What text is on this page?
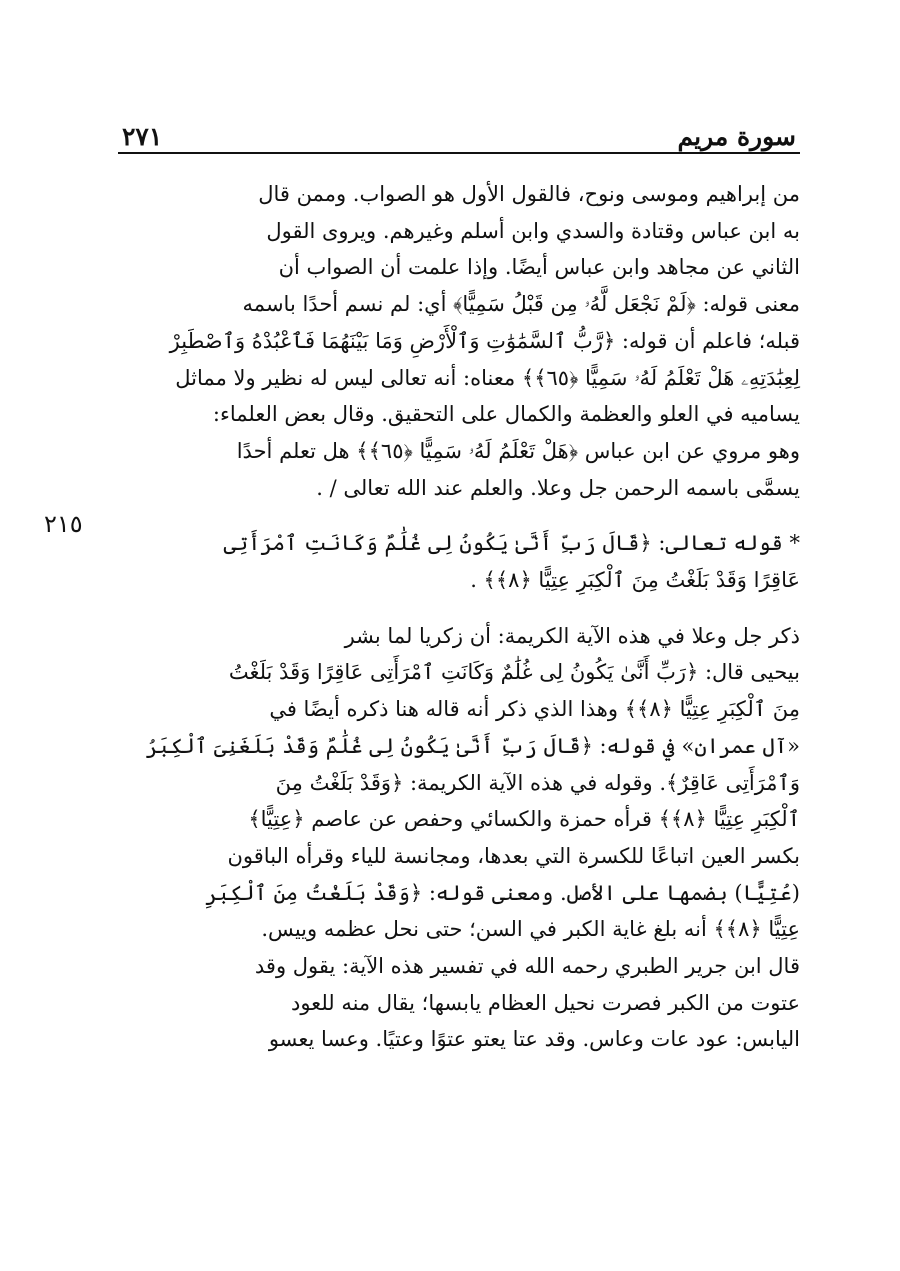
سورة مريم
٢٧١

من إبراهيم وموسى ونوح، فالقول الأول هو الصواب. وممن قال
به ابن عباس وقتادة والسدي وابن أسلم وغيرهم. ويروى القول
الثاني عن مجاهد وابن عباس أيضًا. وإذا علمت أن الصواب أن
معنى قوله: ﴿لَمْ نَجْعَل لَّهُۥ مِن قَبْلُ سَمِيًّا﴾ أي: لم نسم أحدًا باسمه
قبله؛ فاعلم أن قوله: ﴿رَّبُّ ٱلسَّمَٰوَٰتِ وَٱلْأَرْضِ وَمَا بَيْنَهُمَا فَٱعْبُدْهُ وَٱصْطَبِرْ
لِعِبَٰدَتِهِۦ هَلْ تَعْلَمُ لَهُۥ سَمِيًّا ﴿٦٥﴾﴾ معناه: أنه تعالى ليس له نظير ولا مماثل
يساميه في العلو والعظمة والكمال على التحقيق. وقال بعض العلماء:
وهو مروي عن ابن عباس ﴿هَلْ تَعْلَمُ لَهُۥ سَمِيًّا ﴿٦٥﴾﴾ هل تعلم أحدًا
يسمَّى باسمه الرحمن جل وعلا. والعلم عند الله تعالى / .

* قوله تعالى: ﴿قَالَ رَبِّ أَنَّىٰ يَكُونُ لِى غُلَٰمٌ وَكَانَتِ ٱمْرَأَتِى
عَاقِرًا وَقَدْ بَلَغْتُ مِنَ ٱلْكِبَرِ عِتِيًّا ﴿٨﴾﴾ .

ذكر جل وعلا في هذه الآية الكريمة: أن زكريا لما بشر
بيحيى قال: ﴿رَبِّ أَنَّىٰ يَكُونُ لِى غُلَٰمٌ وَكَانَتِ ٱمْرَأَتِى عَاقِرًا وَقَدْ بَلَغْتُ
مِنَ ٱلْكِبَرِ عِتِيًّا ﴿٨﴾﴾ وهذا الذي ذكر أنه قاله هنا ذكره أيضًا في
«آل عمران» في قوله: ﴿قَالَ رَبِّ أَنَّىٰ يَكُونُ لِى غُلَٰمٌ وَقَدْ بَلَغَنِىَ ٱلْكِبَرُ
وَٱمْرَأَتِى عَاقِرٌ﴾. وقوله في هذه الآية الكريمة: ﴿وَقَدْ بَلَغْتُ مِنَ
ٱلْكِبَرِ عِتِيًّا ﴿٨﴾﴾ قرأه حمزة والكسائي وحفص عن عاصم ﴿عِتِيًّا﴾
بكسر العين اتباعًا للكسرة التي بعدها، ومجانسة للياء وقرأه الباقون
(عُتِيًّا) بضمها على الأصل. ومعنى قوله: ﴿وَقَدْ بَلَغْتُ مِنَ ٱلْكِبَرِ
عِتِيًّا ﴿٨﴾﴾ أنه بلغ غاية الكبر في السن؛ حتى نحل عظمه وييس.
قال ابن جرير الطبري رحمه الله في تفسير هذه الآية: يقول وقد
عتوت من الكبر فصرت نحيل العظام يابسها؛ يقال منه للعود
اليابس: عود عات وعاس. وقد عتا يعتو عتوًا وعتيًا. وعسا يعسو

٢١٥
